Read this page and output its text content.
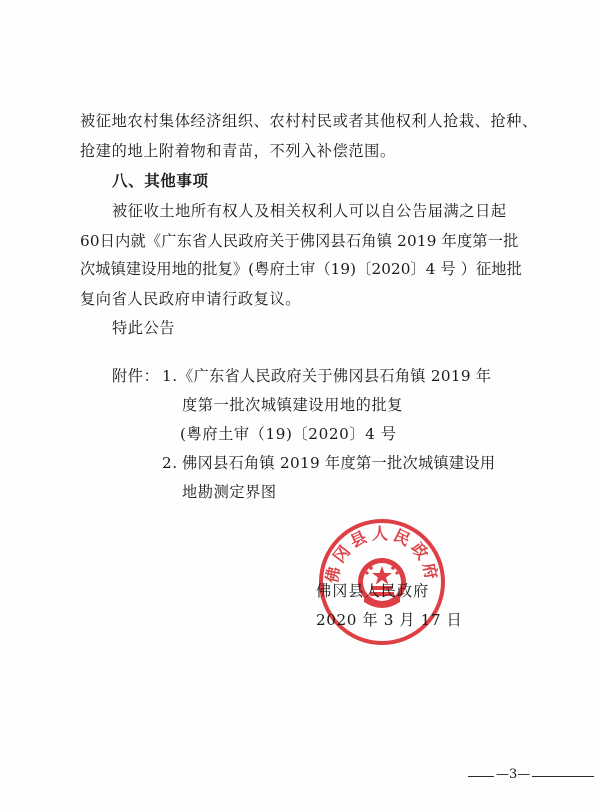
被征地农村集体经济组织、农村村民或者其他权利人抢栽、抢种、
抢建的地上附着物和青苗，不列入补偿范围。
八、其他事项
被征收土地所有权人及相关权利人可以自公告届满之日起
60日内就《广东省人民政府关于佛冈县石角镇 2019 年度第一批
次城镇建设用地的批复》(粤府土审（19)〔2020〕4 号 ）征地批
复向省人民政府申请行政复议。
特此公告
附件： 1. 《广东省人民政府关于佛冈县石角镇 2019 年
度第一批次城镇建设用地的批复
(粤府土审（19)〔2020〕4 号
2. 佛冈县石角镇 2019 年度第一批次城镇建设用
地勘测定界图
佛冈县人民政府
佛冈县人民政府
2020 年 3 月 17 日
—3—
